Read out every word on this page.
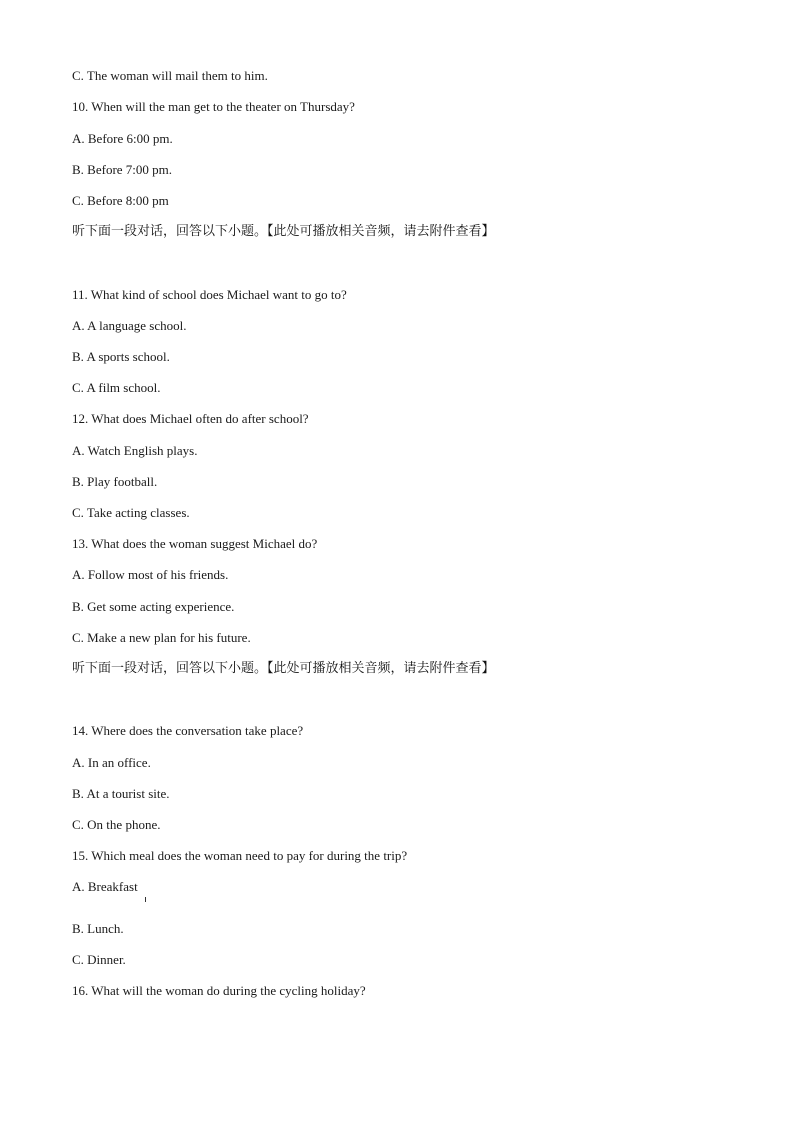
C. The woman will mail them to him.
10. When will the man get to the theater on Thursday?
A. Before 6:00 pm.
B. Before 7:00 pm.
C. Before 8:00 pm
听下面一段对话，回答以下小题。【此处可播放相关音频，请去附件查看】
11. What kind of school does Michael want to go to?
A. A language school.
B. A sports school.
C. A film school.
12. What does Michael often do after school?
A. Watch English plays.
B. Play football.
C. Take acting classes.
13. What does the woman suggest Michael do?
A. Follow most of his friends.
B. Get some acting experience.
C. Make a new plan for his future.
听下面一段对话，回答以下小题。【此处可播放相关音频，请去附件查看】
14. Where does the conversation take place?
A. In an office.
B. At a tourist site.
C. On the phone.
15. Which meal does the woman need to pay for during the trip?
A. Breakfast
B. Lunch.
C. Dinner.
16. What will the woman do during the cycling holiday?
